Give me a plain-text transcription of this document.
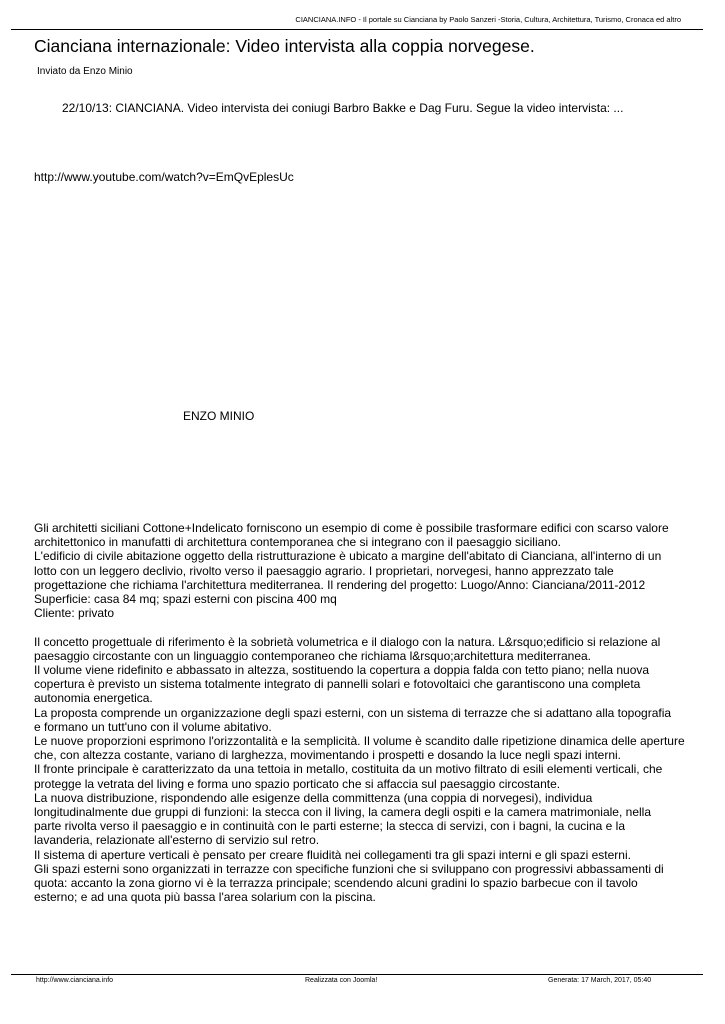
CIANCIANA.INFO - Il portale su Cianciana by Paolo Sanzeri -Storia, Cultura, Architettura, Turismo, Cronaca ed altro
Cianciana internazionale: Video intervista alla coppia norvegese.
Inviato da Enzo Minio
22/10/13: CIANCIANA. Video intervista dei coniugi Barbro Bakke e Dag Furu. Segue la video intervista: ...
http://www.youtube.com/watch?v=EmQvEplesUc
ENZO MINIO

Gli architetti siciliani Cottone+Indelicato forniscono un esempio di come è possibile trasformare edifici con scarso valore
architettonico in manufatti di architettura contemporanea che si integrano con il paesaggio siciliano.
L'edificio di civile abitazione oggetto della ristrutturazione è ubicato a margine dell'abitato di Cianciana, all'interno di un
lotto con un leggero declivio, rivolto verso il paesaggio agrario. I proprietari, norvegesi, hanno apprezzato tale
progettazione che richiama l'architettura mediterranea. Il rendering del progetto: Luogo/Anno: Cianciana/2011-2012
Superficie: casa 84 mq; spazi esterni con piscina 400 mq
Cliente: privato

Il concetto progettuale di riferimento è la sobrietà volumetrica e il dialogo con la natura. L&rsquo;edificio si relazione al
paesaggio circostante con un linguaggio contemporaneo che richiama l&rsquo;architettura mediterranea.
Il volume viene ridefinito e abbassato in altezza, sostituendo la copertura a doppia falda con tetto piano; nella nuova
copertura è previsto un sistema totalmente integrato di pannelli solari e fotovoltaici che garantiscono una completa
autonomia energetica.
La proposta comprende un organizzazione degli spazi esterni, con un sistema di terrazze che si adattano alla topografia
e formano un tutt'uno con il volume abitativo.
Le nuove proporzioni esprimono l'orizzontalità e la semplicità. Il volume è scandito dalle ripetizione dinamica delle aperture
che, con altezza costante, variano di larghezza, movimentando i prospetti e dosando la luce negli spazi interni.
Il fronte principale è caratterizzato da una tettoia in metallo, costituita da un motivo filtrato di esili elementi verticali, che
protegge la vetrata del living e forma uno spazio porticato che si affaccia sul paesaggio circostante.
La nuova distribuzione, rispondendo alle esigenze della committenza (una coppia di norvegesi), individua
longitudinalmente due gruppi di funzioni: la stecca con il living, la camera degli ospiti e la camera matrimoniale, nella
parte rivolta verso il paesaggio e in continuità con le parti esterne; la stecca di servizi, con i bagni, la cucina e la
lavanderia, relazionate all'esterno di servizio sul retro.
Il sistema di aperture verticali è pensato per creare fluidità nei collegamenti tra gli spazi interni e gli spazi esterni.
Gli spazi esterni sono organizzati in terrazze con specifiche funzioni che si sviluppano con progressivi abbassamenti di
quota: accanto la zona giorno vi è la terrazza principale; scendendo alcuni gradini lo spazio barbecue con il tavolo
esterno; e ad una quota più bassa l'area solarium con la piscina.

http://www.cianciana.info	Realizzata con Joomla!	Generata: 17 March, 2017, 05:40
